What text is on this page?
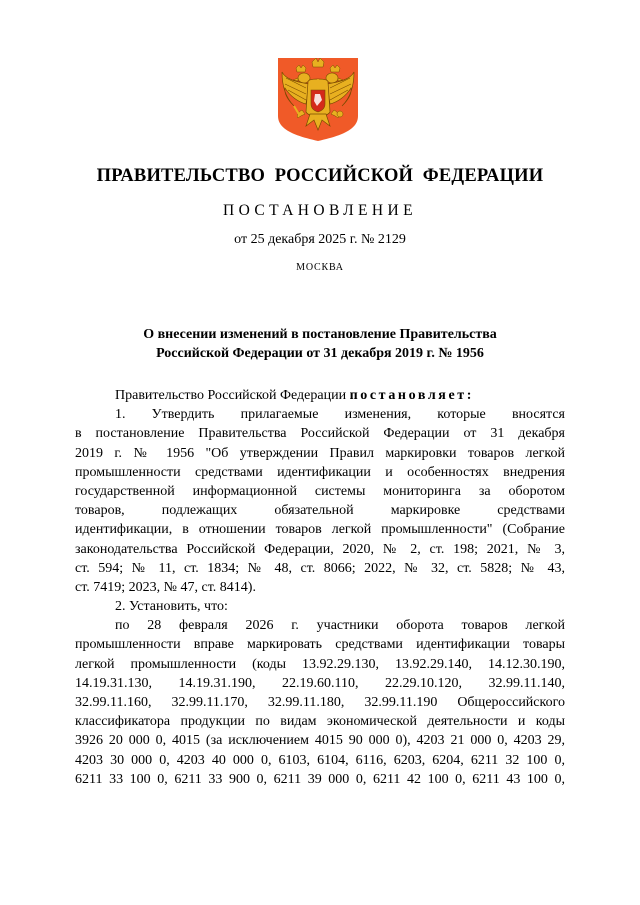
ПРАВИТЕЛЬСТВО  РОССИЙСКОЙ  ФЕДЕРАЦИИ
ПОСТАНОВЛЕНИЕ
от 25 декабря 2025 г. № 2129
МОСКВА
О внесении изменений в постановление Правительства
Российской Федерации от 31 декабря 2019 г. № 1956
Правительство Российской Федерации постановляет:
1. Утвердить прилагаемые изменения, которые вносятся
в постановление Правительства Российской Федерации от 31 декабря
2019 г. № 1956 "Об утверждении Правил маркировки товаров легкой
промышленности средствами идентификации и особенностях внедрения
государственной информационной системы мониторинга за оборотом
товаров, подлежащих обязательной маркировке средствами
идентификации, в отношении товаров легкой промышленности" (Собрание
законодательства Российской Федерации, 2020, № 2, ст. 198; 2021, № 3,
ст. 594; № 11, ст. 1834; № 48, ст. 8066; 2022, № 32, ст. 5828; № 43,
ст. 7419; 2023, № 47, ст. 8414).
2. Установить, что:
по 28 февраля 2026 г. участники оборота товаров легкой
промышленности вправе маркировать средствами идентификации товары
легкой промышленности (коды 13.92.29.130, 13.92.29.140, 14.12.30.190,
14.19.31.130, 14.19.31.190, 22.19.60.110, 22.29.10.120, 32.99.11.140,
32.99.11.160, 32.99.11.170, 32.99.11.180, 32.99.11.190 Общероссийского
классификатора продукции по видам экономической деятельности и коды
3926 20 000 0, 4015 (за исключением 4015 90 000 0), 4203 21 000 0, 4203 29,
4203 30 000 0, 4203 40 000 0, 6103, 6104, 6116, 6203, 6204, 6211 32 100 0,
6211 33 100 0, 6211 33 900 0, 6211 39 000 0, 6211 42 100 0, 6211 43 100 0,
